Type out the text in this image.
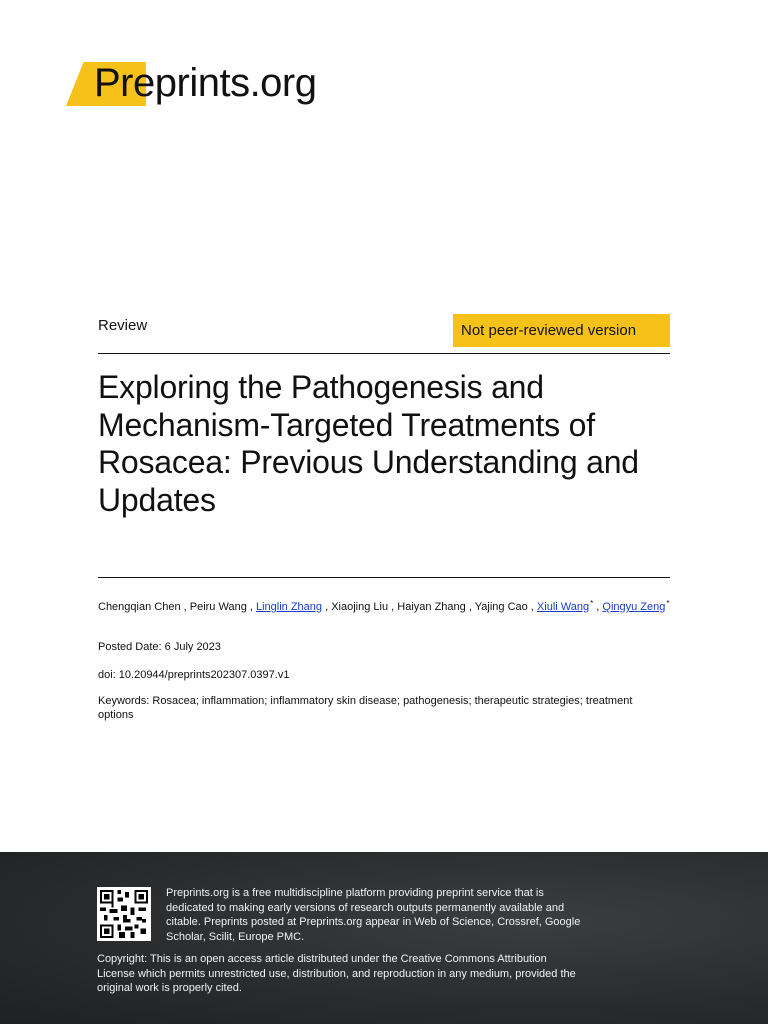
Preprints.org
Review	Not peer-reviewed version
Exploring the Pathogenesis and Mechanism-Targeted Treatments of Rosacea: Previous Understanding and Updates
Chengqian Chen , Peiru Wang , Linglin Zhang , Xiaojing Liu , Haiyan Zhang , Yajing Cao , Xiuli Wang* , Qingyu Zeng*
Posted Date: 6 July 2023
doi: 10.20944/preprints202307.0397.v1
Keywords: Rosacea; inflammation; inflammatory skin disease; pathogenesis; therapeutic strategies; treatment options
Preprints.org is a free multidiscipline platform providing preprint service that is dedicated to making early versions of research outputs permanently available and citable. Preprints posted at Preprints.org appear in Web of Science, Crossref, Google Scholar, Scilit, Europe PMC.
Copyright: This is an open access article distributed under the Creative Commons Attribution License which permits unrestricted use, distribution, and reproduction in any medium, provided the original work is properly cited.
